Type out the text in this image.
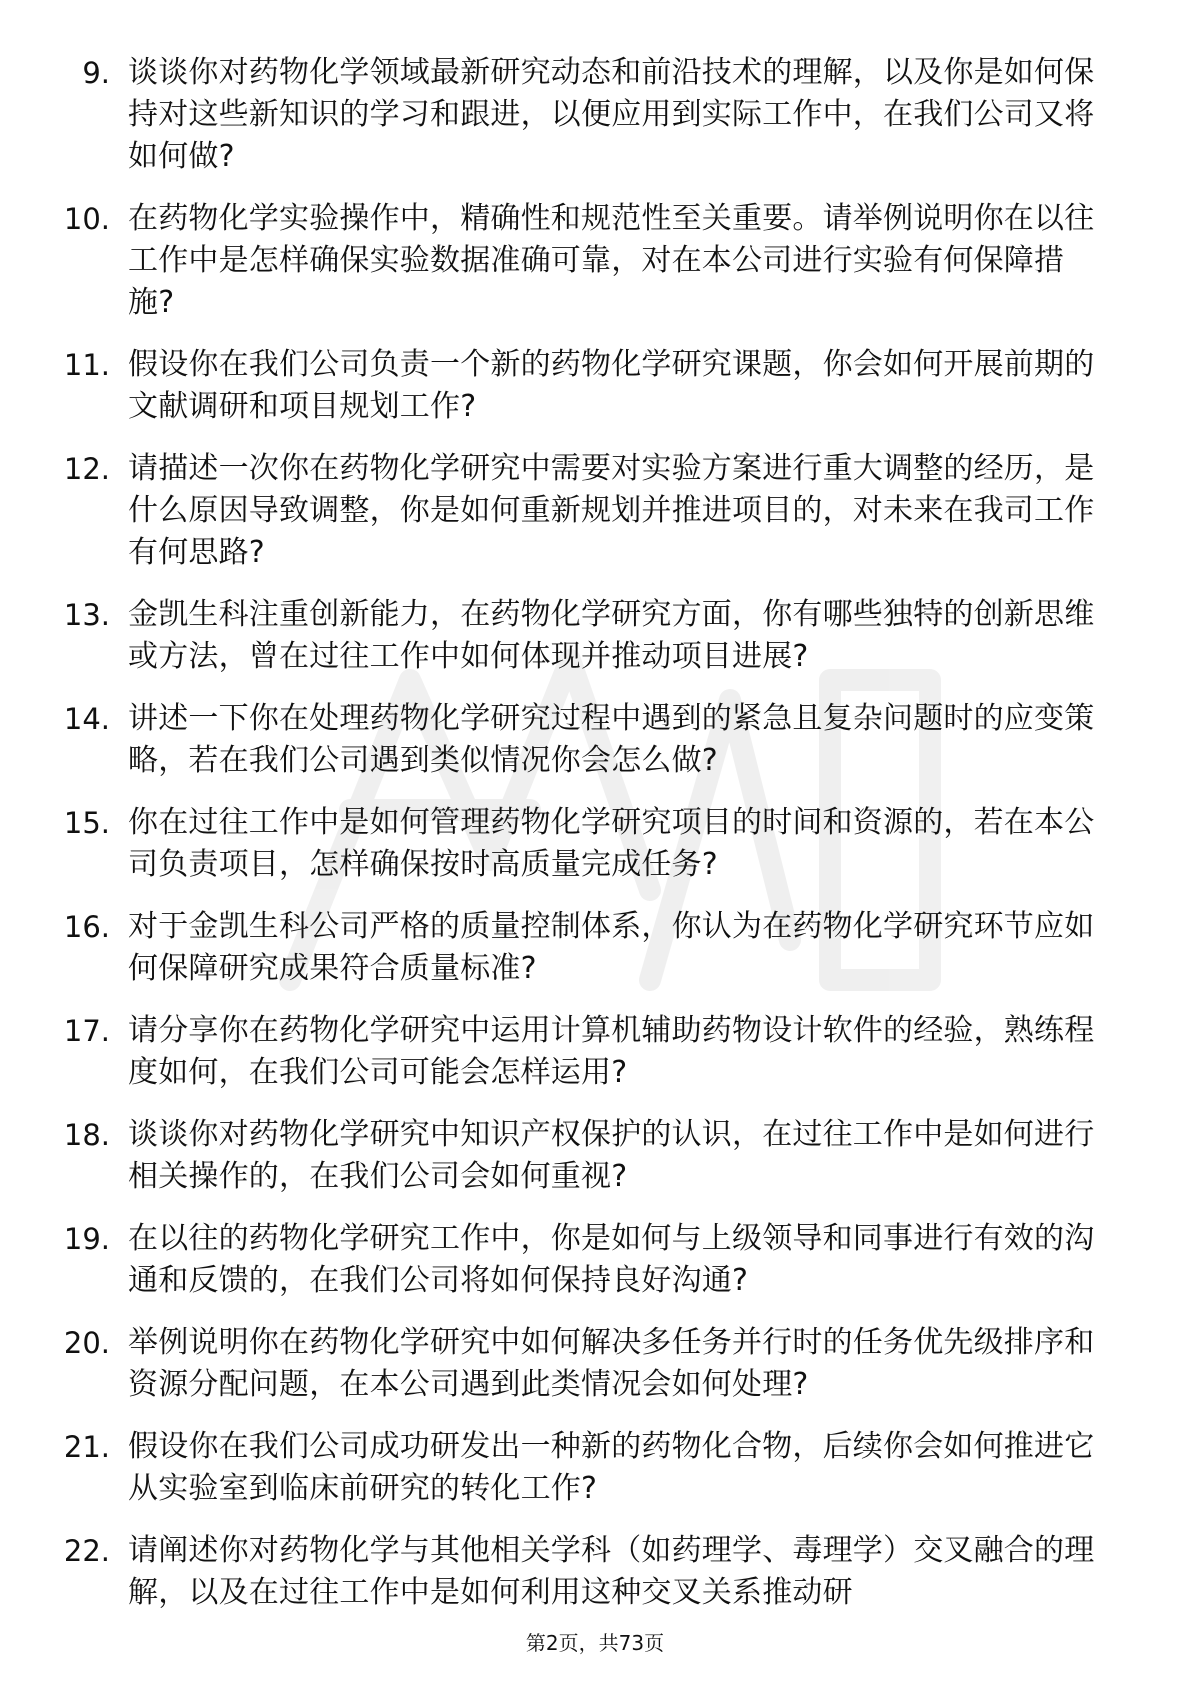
9. 谈谈你对药物化学领域最新研究动态和前沿技术的理解，以及你是如何保持对这些新知识的学习和跟进，以便应用到实际工作中，在我们公司又将如何做?
10. 在药物化学实验操作中，精确性和规范性至关重要。请举例说明你在以往工作中是怎样确保实验数据准确可靠，对在本公司进行实验有何保障措施?
11. 假设你在我们公司负责一个新的药物化学研究课题，你会如何开展前期的文献调研和项目规划工作?
12. 请描述一次你在药物化学研究中需要对实验方案进行重大调整的经历，是什么原因导致调整，你是如何重新规划并推进项目的，对未来在我司工作有何思路?
13. 金凯生科注重创新能力，在药物化学研究方面，你有哪些独特的创新思维或方法，曾在过往工作中如何体现并推动项目进展?
14. 讲述一下你在处理药物化学研究过程中遇到的紧急且复杂问题时的应变策略，若在我们公司遇到类似情况你会怎么做?
15. 你在过往工作中是如何管理药物化学研究项目的时间和资源的，若在本公司负责项目，怎样确保按时高质量完成任务?
16. 对于金凯生科公司严格的质量控制体系，你认为在药物化学研究环节应如何保障研究成果符合质量标准?
17. 请分享你在药物化学研究中运用计算机辅助药物设计软件的经验，熟练程度如何，在我们公司可能会怎样运用?
18. 谈谈你对药物化学研究中知识产权保护的认识，在过往工作中是如何进行相关操作的，在我们公司会如何重视?
19. 在以往的药物化学研究工作中，你是如何与上级领导和同事进行有效的沟通和反馈的，在我们公司将如何保持良好沟通?
20. 举例说明你在药物化学研究中如何解决多任务并行时的任务优先级排序和资源分配问题，在本公司遇到此类情况会如何处理?
21. 假设你在我们公司成功研发出一种新的药物化合物，后续你会如何推进它从实验室到临床前研究的转化工作?
22. 请阐述你对药物化学与其他相关学科（如药理学、毒理学）交叉融合的理解，以及在过往工作中是如何利用这种交叉关系推动研
第2页，共73页
